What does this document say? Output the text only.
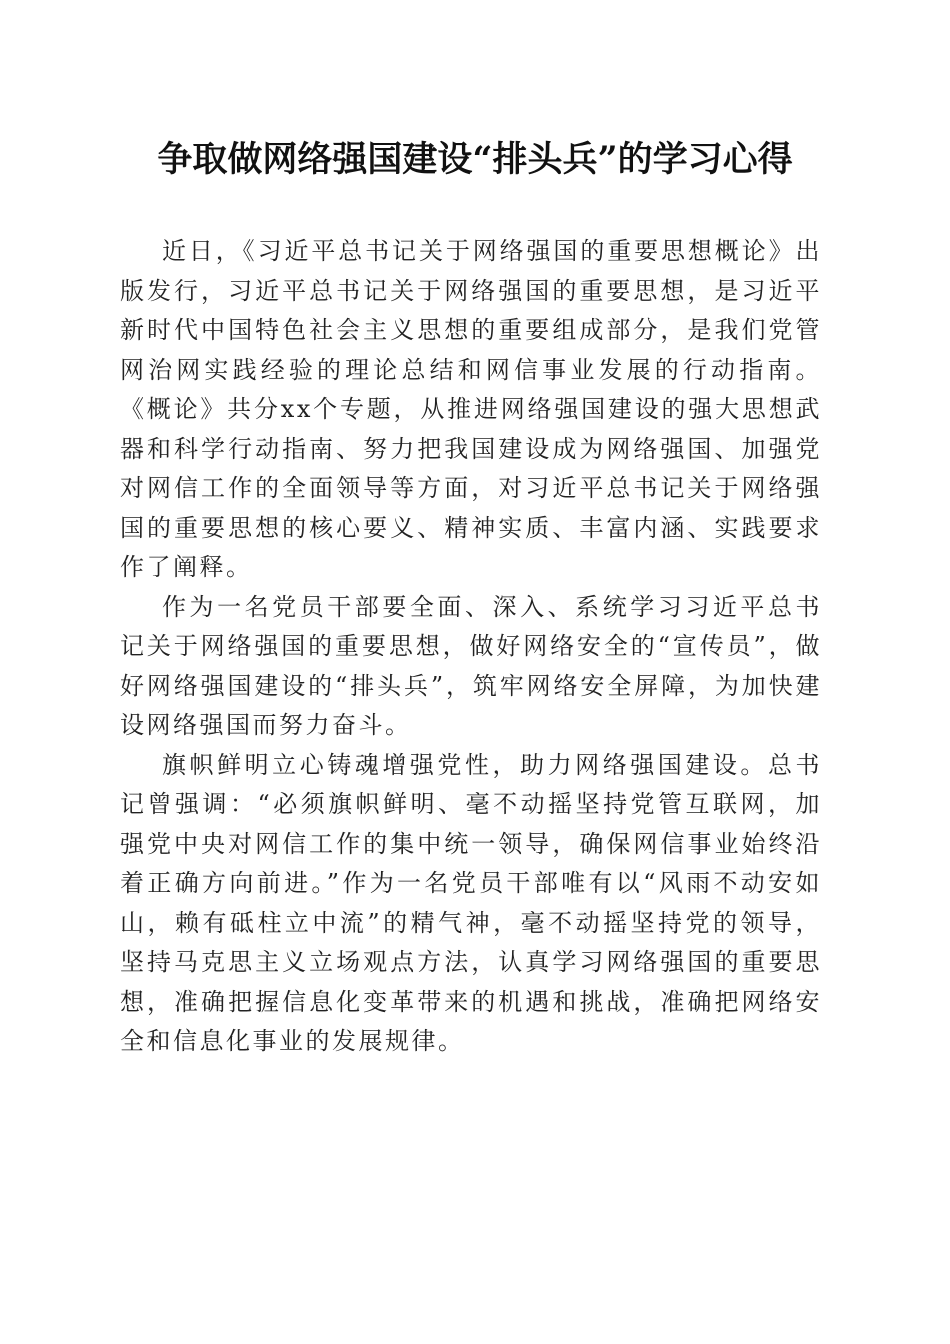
争取做网络强国建设“排头兵”的学习心得

近日，《习近平总书记关于网络强国的重要思想概论》出版发行，习近平总书记关于网络强国的重要思想，是习近平新时代中国特色社会主义思想的重要组成部分，是我们党管网治网实践经验的理论总结和网信事业发展的行动指南。《概论》共分xx个专题，从推进网络强国建设的强大思想武器和科学行动指南、努力把我国建设成为网络强国、加强党对网信工作的全面领导等方面，对习近平总书记关于网络强国的重要思想的核心要义、精神实质、丰富内涵、实践要求作了阐释。

作为一名党员干部要全面、深入、系统学习习近平总书记关于网络强国的重要思想，做好网络安全的“宣传员”，做好网络强国建设的“排头兵”，筑牢网络安全屏障，为加快建设网络强国而努力奋斗。

旗帜鲜明立心铸魂增强党性，助力网络强国建设。总书记曾强调：“必须旗帜鲜明、毫不动摇坚持党管互联网，加强党中央对网信工作的集中统一领导，确保网信事业始终沿着正确方向前进。”作为一名党员干部唯有以“风雨不动安如山，赖有砥柱立中流”的精气神，毫不动摇坚持党的领导，坚持马克思主义立场观点方法，认真学习网络强国的重要思想，准确把握信息化变革带来的机遇和挑战，准确把网络安全和信息化事业的发展规律。
